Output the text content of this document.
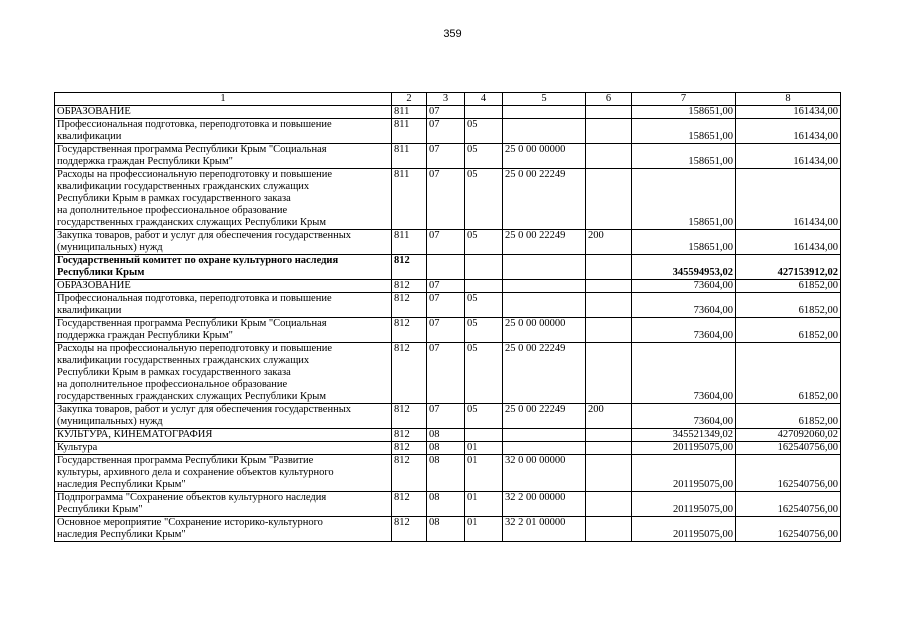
359
1	2	3	4	5	6	7	8
ОБРАЗОВАНИЕ	811	07				158651,00	161434,00
Профессиональная подготовка, переподготовка и повышение
квалификации	811	07	05			158651,00	161434,00
Государственная программа Республики Крым "Социальная
поддержка граждан Республики Крым"	811	07	05	25 0 00 00000		158651,00	161434,00
Расходы на профессиональную переподготовку и повышение
квалификации государственных гражданских служащих
Республики Крым в рамках государственного заказа
на дополнительное профессиональное образование
государственных гражданских служащих Республики Крым	811	07	05	25 0 00 22249		158651,00	161434,00
Закупка товаров, работ и услуг для обеспечения государственных
(муниципальных) нужд	811	07	05	25 0 00 22249	200	158651,00	161434,00
Государственный комитет по охране культурного наследия
Республики Крым	812					345594953,02	427153912,02
ОБРАЗОВАНИЕ	812	07				73604,00	61852,00
Профессиональная подготовка, переподготовка и повышение
квалификации	812	07	05			73604,00	61852,00
Государственная программа Республики Крым "Социальная
поддержка граждан Республики Крым"	812	07	05	25 0 00 00000		73604,00	61852,00
Расходы на профессиональную переподготовку и повышение
квалификации государственных гражданских служащих
Республики Крым в рамках государственного заказа
на дополнительное профессиональное образование
государственных гражданских служащих Республики Крым	812	07	05	25 0 00 22249		73604,00	61852,00
Закупка товаров, работ и услуг для обеспечения государственных
(муниципальных) нужд	812	07	05	25 0 00 22249	200	73604,00	61852,00
КУЛЬТУРА, КИНЕМАТОГРАФИЯ	812	08				345521349,02	427092060,02
Культура	812	08	01			201195075,00	162540756,00
Государственная программа Республики Крым "Развитие
культуры, архивного дела и сохранение объектов культурного
наследия Республики Крым"	812	08	01	32 0 00 00000		201195075,00	162540756,00
Подпрограмма "Сохранение объектов культурного наследия
Республики Крым"	812	08	01	32 2 00 00000		201195075,00	162540756,00
Основное мероприятие "Сохранение историко-культурного
наследия Республики Крым"	812	08	01	32 2 01 00000		201195075,00	162540756,00
